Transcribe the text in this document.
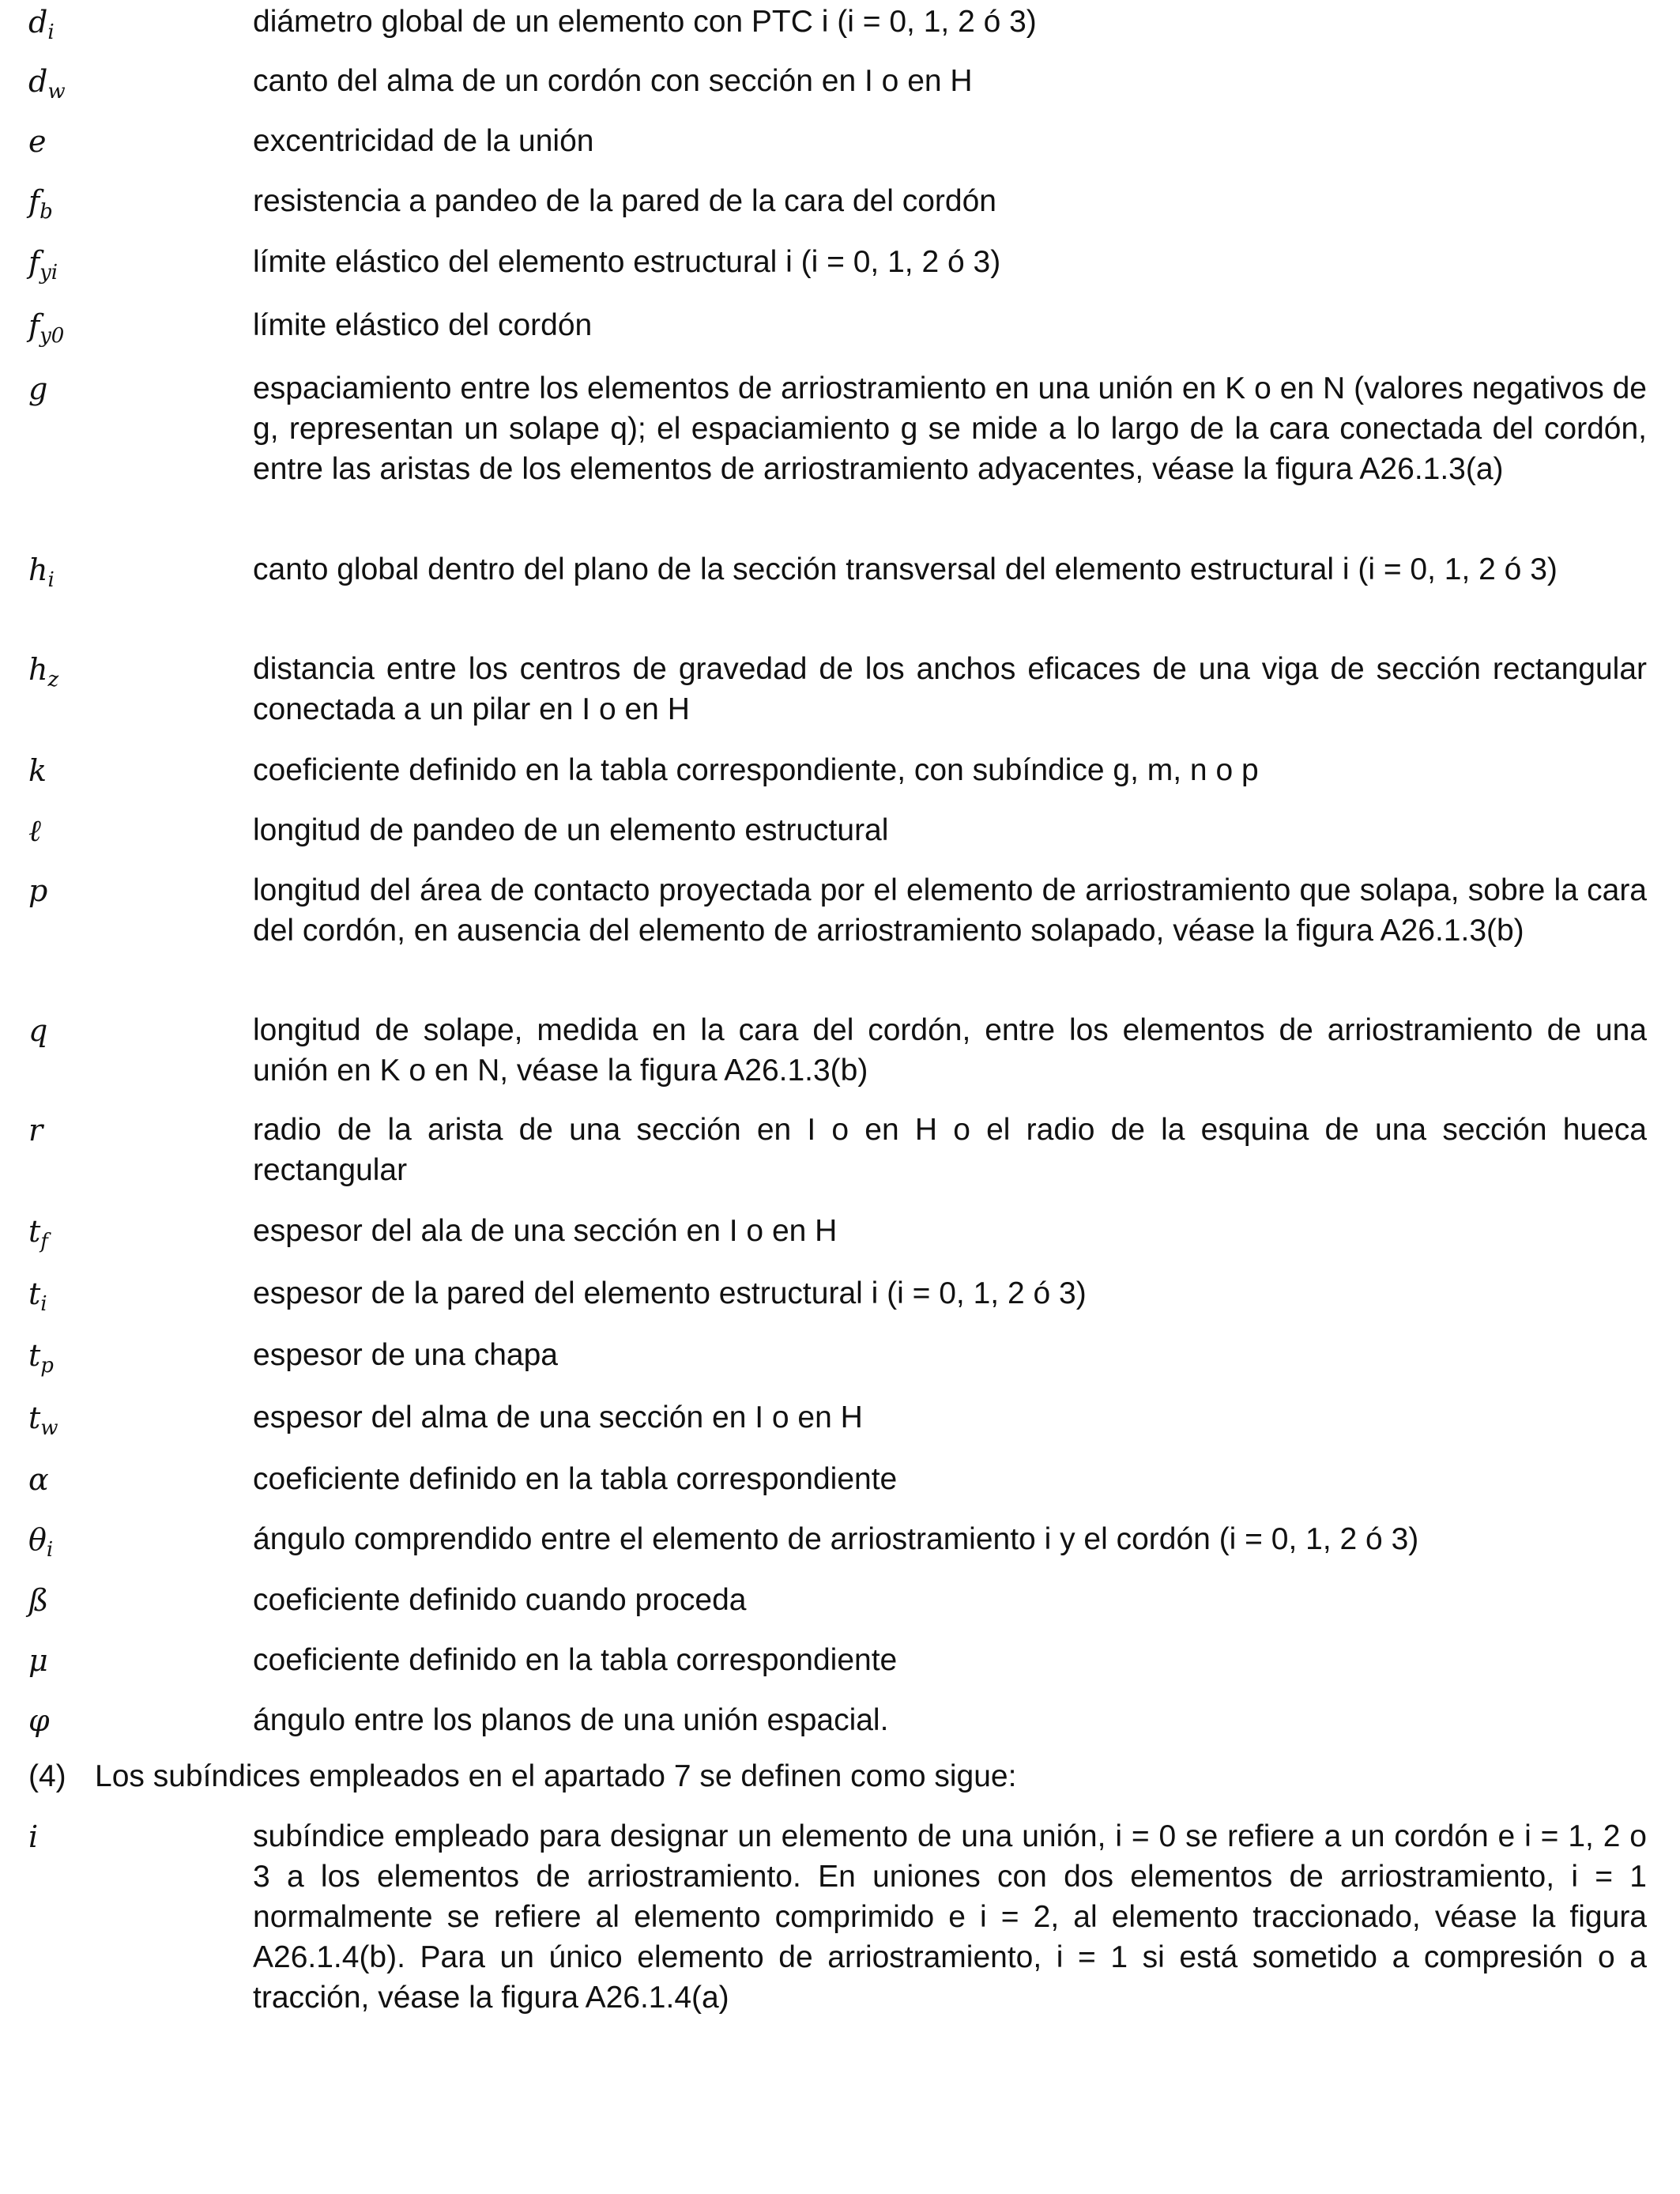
$d_i$	diámetro global de un elemento con PTC i (i = 0, 1, 2 ó 3)

$d_w$	canto del alma de un cordón con sección en I o en H

e	excentricidad de la unión

$f_b$	resistencia a pandeo de la pared de la cara del cordón

$f_{yi}$	límite elástico del elemento estructural i (i = 0, 1, 2 ó 3)

$f_{y0}$	límite elástico del cordón

g	espaciamiento entre los elementos de arriostramiento en una unión en K o en N (valores negativos de g, representan un solape q); el espaciamiento g se mide a lo largo de la cara conectada del cordón, entre las aristas de los elementos de arriostramiento adyacentes, véase la figura A26.1.3(a)

$h_i$	canto global dentro del plano de la sección transversal del elemento estructural i (i = 0, 1, 2 ó 3)

$h_z$	distancia entre los centros de gravedad de los anchos eficaces de una viga de sección rectangular conectada a un pilar en I o en H

k	coeficiente definido en la tabla correspondiente, con subíndice g, m, n o p

ℓ	longitud de pandeo de un elemento estructural

p	longitud del área de contacto proyectada por el elemento de arriostramiento que solapa, sobre la cara del cordón, en ausencia del elemento de arriostramiento solapado, véase la figura A26.1.3(b)

q	longitud de solape, medida en la cara del cordón, entre los elementos de arriostramiento de una unión en K o en N, véase la figura A26.1.3(b)

r	radio de la arista de una sección en I o en H o el radio de la esquina de una sección hueca rectangular

$t_f$	espesor del ala de una sección en I o en H

$t_i$	espesor de la pared del elemento estructural i (i = 0, 1, 2 ó 3)

$t_p$	espesor de una chapa

$t_w$	espesor del alma de una sección en I o en H

α	coeficiente definido en la tabla correspondiente

$\theta_i$	ángulo comprendido entre el elemento de arriostramiento i y el cordón (i = 0, 1, 2 ó 3)

ß	coeficiente definido cuando proceda

μ	coeficiente definido en la tabla correspondiente

φ	ángulo entre los planos de una unión espacial.

(4) Los subíndices empleados en el apartado 7 se definen como sigue:
i	subíndice empleado para designar un elemento de una unión, i = 0 se refiere a un cordón e i = 1, 2 o 3 a los elementos de arriostramiento. En uniones con dos elementos de arriostramiento, i = 1 normalmente se refiere al elemento comprimido e i = 2, al elemento traccionado, véase la figura A26.1.4(b). Para un único elemento de arriostramiento, i = 1 si está sometido a compresión o a tracción, véase la figura A26.1.4(a)
